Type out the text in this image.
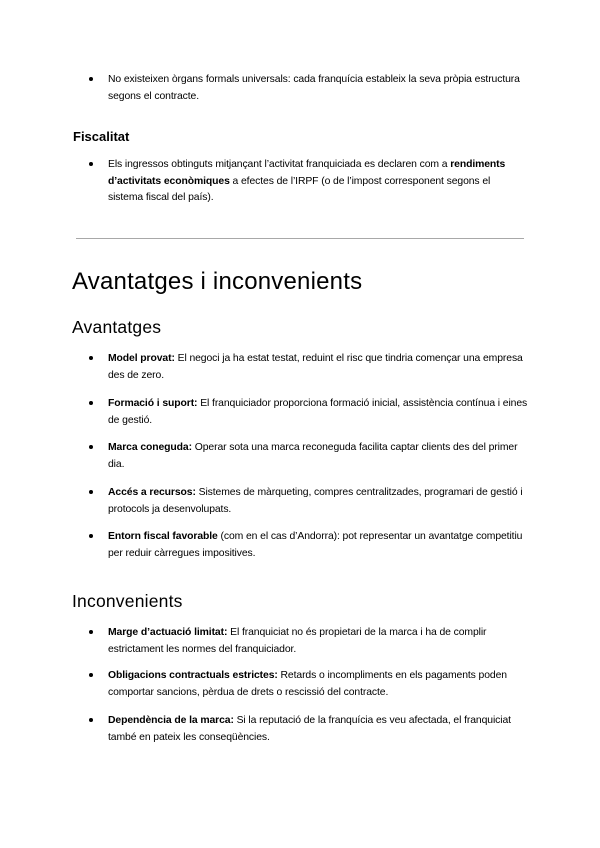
No existeixen òrgans formals universals: cada franquícia estableix la seva pròpia estructura segons el contracte.
Fiscalitat
Els ingressos obtinguts mitjançant l’activitat franquiciada es declaren com a rendiments d’activitats econòmiques a efectes de l’IRPF (o de l’impost corresponent segons el sistema fiscal del país).
Avantatges i inconvenients
Avantatges
Model provat: El negoci ja ha estat testat, reduint el risc que tindria començar una empresa des de zero.
Formació i suport: El franquiciador proporciona formació inicial, assistència contínua i eines de gestió.
Marca coneguda: Operar sota una marca reconeguda facilita captar clients des del primer dia.
Accés a recursos: Sistemes de màrqueting, compres centralitzades, programari de gestió i protocols ja desenvolupats.
Entorn fiscal favorable (com en el cas d’Andorra): pot representar un avantatge competitiu per reduir càrregues impositives.
Inconvenients
Marge d’actuació limitat: El franquiciat no és propietari de la marca i ha de complir estrictament les normes del franquiciador.
Obligacions contractuals estrictes: Retards o incompliments en els pagaments poden comportar sancions, pèrdua de drets o rescissió del contracte.
Dependència de la marca: Si la reputació de la franquícia es veu afectada, el franquiciat també en pateix les conseqüències.
